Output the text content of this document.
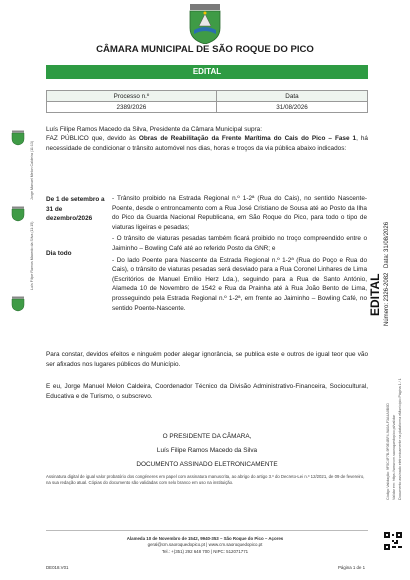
CÂMARA MUNICIPAL DE SÃO ROQUE DO PICO
EDITAL
Processo n.º	Data
2389/2026	31/08/2026
Luís Filipe Ramos Macedo da Silva, Presidente da Câmara Municipal supra:
FAZ PÚBLICO que, devido às Obras de Reabilitação da Frente Marítima do Cais do Pico – Fase 1, há necessidade de condicionar o trânsito automóvel nos dias, horas e troços da via pública abaixo indicados:
De 1 de setembro a 31 de dezembro/2026
Dia todo

- Trânsito proibido na Estrada Regional n.º 1-2ª (Rua do Cais), no sentido Nascente-Poente, desde o entroncamento com a Rua José Cristiano de Sousa até ao Posto da Ilha do Pico da Guarda Nacional Republicana, em São Roque do Pico, para todo o tipo de viaturas ligeiras e pesadas;

- O trânsito de viaturas pesadas também ficará proibido no troço compreendido entre o Jaiminho – Bowling Café até ao referido Posto da GNR; e

- Do lado Poente para Nascente da Estrada Regional n.º 1-2ª (Rua do Poço e Rua do Cais), o trânsito de viaturas pesadas será desviado para a Rua Coronel Linhares de Lima (Escritórios de Manuel Emílio Herz Lda.), seguindo para a Rua de Santo António, Alameda 10 de Novembro de 1542 e Rua da Prainha até à Rua João Bento de Lima, prosseguindo pela Estrada Regional n.º 1-2ª, em frente ao Jaiminho – Bowling Café, no sentido Poente-Nascente.

Para constar, devidos efeitos e ninguém poder alegar ignorância, se publica este e outros de igual teor que vão ser afixados nos lugares públicos do Município.
E eu, Jorge Manuel Melon Caldeira, Coordenador Técnico da Divisão Administrativo-Financeira, Sociocultural, Educativa e de Turismo, o subscrevo.
O PRESIDENTE DA CÂMARA,
Luís Filipe Ramos Macedo da Silva
DOCUMENTO ASSINADO ELETRONICAMENTE
Assinatura digital de igual valor probatório dos congéneres em papel com assinatura manuscrita, ao abrigo do artigo 3.º do Decreto-Lei n.º 12/2021, de 09 de fevereiro, na sua redação atual. Cópias do documento são validadas com selo branco em uso na instituição.
Alameda 10 de Novembro de 1542, 9940-353 – São Roque do Pico – Açores
geral@cm.saoroquedopico.pt | www.cm.saoroquedopico.pt
Tel.: +(351) 292 648 700 | NIPC: 512071771
DE018.V01	Página 1 de 1
Jorge Manuel Melon Caldeira (11:13)
Luís Filipe Ramos Macedo da Silva (11:15)
EDITAL Número: 2326-2082
Data: 31/08/2026
Código Validação: 9F5C4F7B-9F0E4BF4-9A0A-F3A4A0B0D Validar em: https://www.cm.saoroquedopico.pt/validar Documento assinado eletronicamente na plataforma eMunicipio Página 1 / 1
